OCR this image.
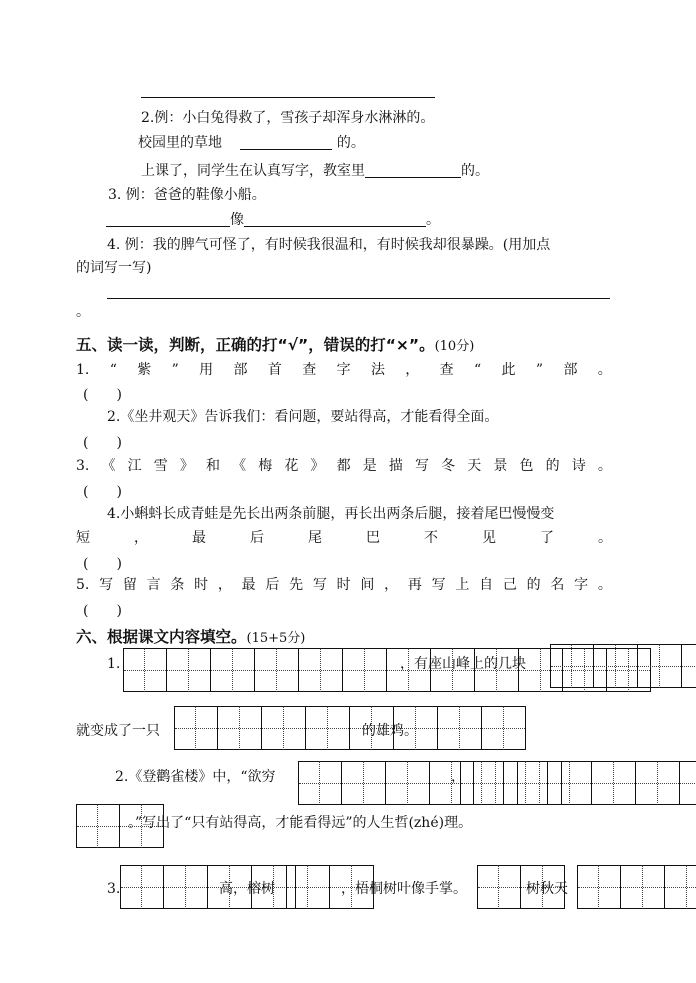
2.例：小白兔得救了，雪孩子却浑身水淋淋的。
校园里的草地	的。
上课了，同学生在认真写字，教室里	的。
3. 例：爸爸的鞋像小船。
像	。
4. 例：我的脾气可怪了，有时候我很温和，有时候我却很暴躁。(用加点
的词写一写)
。
五、读一读，判断，正确的打“√”，错误的打“×”。(10分)
1. “ 紫 ” 用 部 首 查 字 法 ， 查 “ 此 ” 部 。
(　　)
2.《坐井观天》告诉我们：看问题，要站得高，才能看得全面。
(　　)
3. 《 江 雪 》 和 《 梅 花 》 都 是 描 写 冬 天 景 色 的 诗 。
(　　)
4.小蝌蚪长成青蛙是先长出两条前腿，再长出两条后腿，接着尾巴慢慢变
短	，	最	后	尾	巴	不	见	了	。
(　　)
5. 写 留 言 条 时 ， 最 后 先 写 时 间 ， 再 写 上 自 己 的 名 字 。
(　　)
六、根据课文内容填空。(15+5分)
1.	，有座山峰上的几块
就变成了一只	的雄鸡。
2.《登鹳雀楼》中，“欲穷	，
。”写出了“只有站得高，才能看得远”的人生哲(zhé)理。
3.	高，榕树	，梧桐树叶像手掌。	树秋天
